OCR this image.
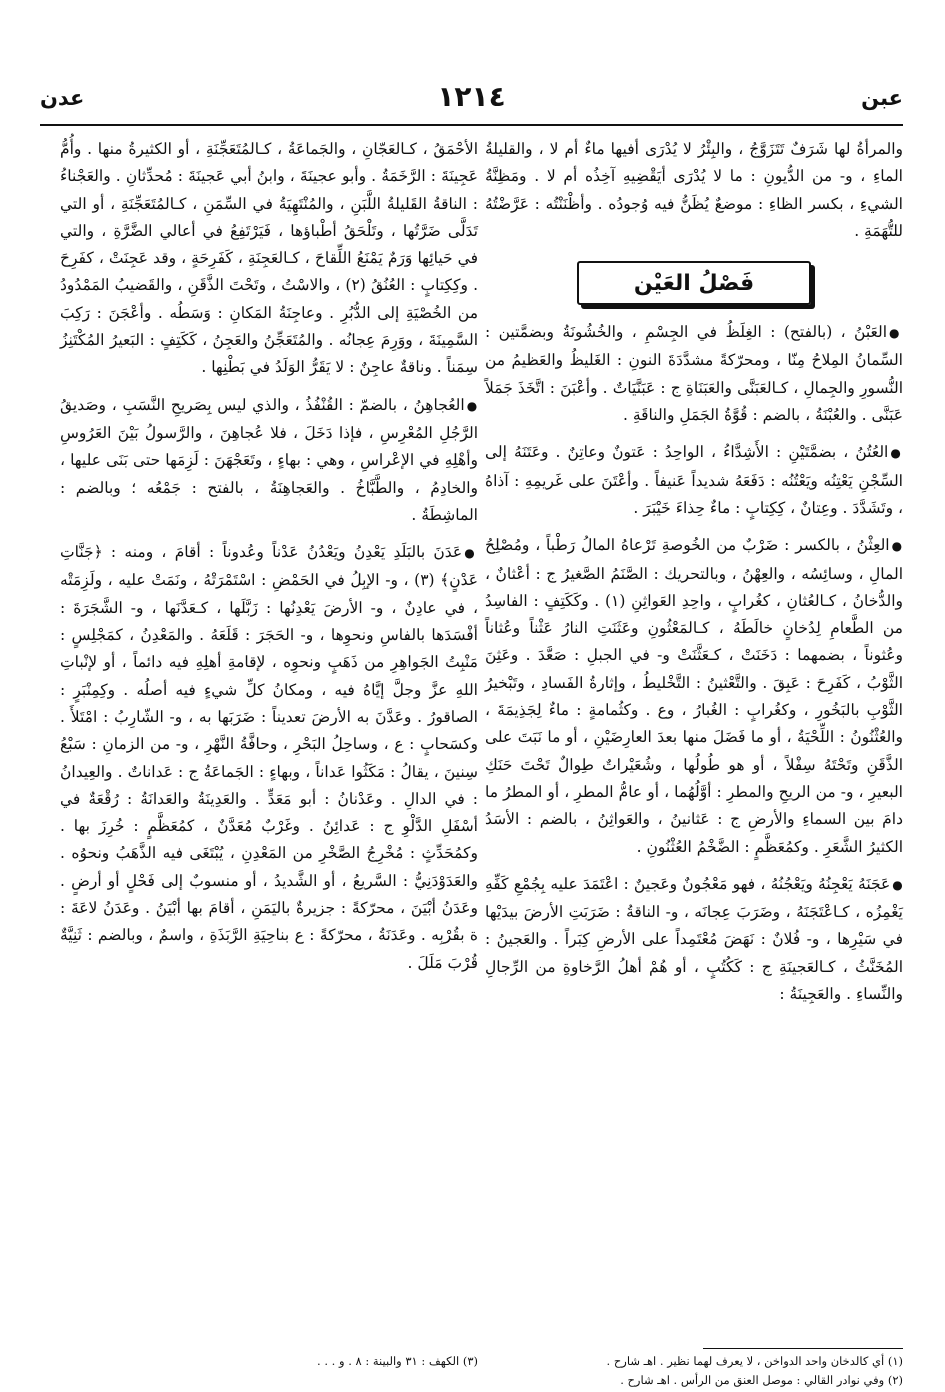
عبن
١٢١٤
عدن

والمرأةُ لها شَرَفٌ تَتَزَوَّجُ ، والبِئْرُ لا يُدْرَى أفيها ماءٌ أم لا ، والقليلةُ الماءِ ، و- من الدُّيونِ : ما لا يُدْرَى أيَقْضِيهِ آخِذُه أم لا . ومَظِنَّةُ الشيءِ ، بكسر الظاءِ : موضعٌ يُظَنُّ فيه وُجودُه . وأظْنَنْتُه : عَرَّضْتُهُ للتُّهَمَةِ .

فَصْلُ العَيْن

●العَبْنُ ، (بالفتح) : الغِلَظُ في الجِسْمِ ، والخُشُونَةُ وبضمَّتين : السِّمانُ المِلاحُ مِنّا ، ومحرّكةً مشدَّدَةَ النونِ : الغَليظُ والعَظيمُ من النُّسورِ والجِمالِ ، كـالعَبَنَّى والعَبَنَاةِ ج : عَبَنَّيَاتٌ . وأعْبَنَ : اتَّخَذَ جَمَلاً عَبَنَّى . والعُبْنَةُ ، بالضم : قُوَّةُ الجَمَلِ والناقَةِ .

●العُتُنُ ، بضمَّتَيْنِ : الأَشِدَّاءُ ، الواحِدُ : عَتونٌ وعاتِنٌ . وعَتَنَهُ إلى السِّجْنِ يَعْتِنُه ويَعْتُنُه : دَفَعَهُ شديداً عَنيفاً . وأعْتَنَ على غَريمِهِ : آذاهُ ، وتَشَدَّدَ . وعِتانٌ ، كِكِتابٍ : ماءٌ حِذاءَ خَيْبَرَ .

●العِثْنُ ، بالكسر : ضَرْبٌ من الخُوصةِ تَرْعاهُ المالُ رَطْباً ، ومُصْلِحُ المالِ ، وسائِسُه ، والعِهْنُ ، وبالتحريك : الصَّنَمُ الصَّغيرُ ج : أعْثانٌ ، والدُّخانُ ، كـالعُثانِ ، كغُرابٍ ، واحِدِ العَواثِنِ (١) . وكَكَتِفٍ : الفاسِدُ من الطَّعامِ لِدُخانٍ خالَطَهُ ، كـالمَعْثُونِ وعَثَنَتِ النارُ عَثْناً وعُثاناً وعُثوناً ، بضمهما : دَخَنَتْ ، كـعَثَّنَتْ و- في الجبلِ : صَعَّدَ . وعَثِنَ الثَّوْبُ ، كَفَرِحَ : عَبِقَ . والتَّعْثينُ : التَّخْليطُ ، وإثارةُ الفَسادِ ، وتَبْخيرُ الثَّوْبِ بالبَخُورِ ، وكغُرابٍ : الغُبارُ ، وع . وكثُمامةٍ : ماءٌ لِجَذِيمَةَ ، والعُثْنُونُ : اللِّحْيَةُ ، أو ما فَضَلَ منها بعدَ العارِضَيْنِ ، أو ما نَبَتَ على الذَّقَنِ وتَحْتَهُ سِفْلاً ، أو هو طُولُها ، وشُعَيْراتٌ طِوالٌ تَحْتَ حَنَكِ البعيرِ ، و- من الريحِ والمطرِ : أوَّلُهُما ، أو عامُّ المطرِ ، أو المطرُ ما دامَ بين السماءِ والأرضِ ج : عَثانينُ ، والعَواثِنُ ، بالضم : الأسَدُ الكثيرُ الشَّعَرِ . وكمُعَظَّمٍ : الضَّخْمُ العُثْنُونِ .

●عَجَنَهُ يَعْجِنُهُ ويَعْجُنُهُ ، فهو مَعْجُونٌ وعَجينٌ : اعْتَمَدَ عليه بِجُمْعِ كَفِّهِ يَغْمِزُه ، كـاعْتَجَنَهُ ، وضَرَبَ عِجانَه ، و- الناقةُ : ضَرَبَتِ الأرضَ بيدَيْها في سَيْرِها ، و- فُلانٌ : نَهَضَ مُعْتَمِداً على الأرضِ كِبَراً . والعَجينُ : المُخَنَّثُ ، كـالعَجينَةِ ج : كَكُتُبٍ ، أو هُمْ أهلُ الرَّخاوةِ من الرِّجالِ والنِّساءِ . والعَجِينَةُ :

الأحْمَقُ ، كـالعَجّانِ ، والجَماعَةُ ، كـالمُتَعَجِّنَةِ ، أو الكثيرةُ منها . وأُمُّ عَجِينَةَ : الرَّخَمَةُ . وأبو عجينَةَ ، وابنُ أبي عَجينَةَ : مُحدِّثانِ . والعَجْناءُ : الناقةُ القَليلةُ اللَّبَنِ ، والمُنْتَهِيَةُ في السِّمَنِ ، كـالمُتَعَجِّنَةِ ، أو التي تَدَلَّى ضَرَّتُها ، وتَلْحَقُ أطْباؤها ، فَيَرْتَفِعُ في أعالي الضَّرَّةِ ، والتي في حَيائِها وَرَمٌ يَمْنَعُ اللِّقاحَ ، كـالعَجِنَةِ ، كَفَرِحَةٍ ، وقد عَجِنَتْ ، كفَرِحَ . وكِكِتابٍ : العُنُقُ (٢) ، والاسْتُ ، وتَحْتَ الذَّقَنِ ، والقَضيبُ المَمْدُودُ من الخُصْيَةِ إلى الدُّبُرِ . وعاجِنَةُ المَكانِ : وَسَطُه . وأعْجَنَ : رَكِبَ السَّمِينَةَ ، ووَرِمَ عِجانُه . والمُتَعَجِّنُ والعَجِنُ ، كَكَتِفٍ : البَعيرُ المُكْتَنِزُ سِمَناً . وناقةٌ عاجِنٌ : لا يَقَرُّ الوَلَدُ في بَطْنِها .

●العُجاهِنُ ، بالضمّ : القُنْفُذُ ، والذي ليس بِصَريحِ النَّسَبِ ، وصَديقُ الرَّجُلِ المُعْرِسِ ، فإذا دَخَلَ ، فلا عُجاهِنَ ، والرَّسولُ بَيْنَ العَرُوسِ وأهْلِهِ في الإعْراسِ ، وهي : بهاءٍ ، وتَعَجْهَنَ : لَزِمَها حتى بَنَى عليها ، والخادِمُ ، والطَّبَّاخُ . والعَجاهِنَةُ ، بالفتح : جَمْعُه ؛ وبالضم : الماشِطَةُ .

●عَدَنَ بالبَلَدِ يَعْدِنُ ويَعْدُنُ عَدْناً وعُدوناً : أقامَ ، ومنه : ﴿جَنَّاتِ عَدْنٍ﴾ (٣) ، و- الإبِلُ في الحَمْضِ : اسْتَمْرَتْهُ ، ونَمَتْ عليه ، ولَزِمَتْه ، في عادِنٌ ، و- الأرضَ يَعْدِنُها : زَبَّلَها ، كـعَدَّنَها ، و- الشَّجَرَةَ : أفْسَدَها بالفاسِ ونحوِها ، و- الحَجَرَ : قَلَعَهُ . والمَعْدِنُ ، كمَجْلِسٍ : مَنْبِتُ الجَواهِرِ من ذَهَبٍ ونحوِه ، لإقامةِ أهلِهِ فيه دائماً ، أو لإنْباتِ اللهِ عزَّ وجلَّ إيَّاهُ فيه ، ومكانُ كلِّ شيءٍ فيه أصلُه . وكِمِنْبَرٍ : الصاقورُ . وعَدَّنَ به الأرضَ تعديناً : ضَرَبَها به ، و- الشّارِبُ : امْتَلأَ . وكسَحابٍ : ع ، وساحِلُ البَحْرِ ، وحافَّةُ النَّهْرِ ، و- من الزمانِ : سَبْعُ سِنينَ ، يقالُ : مَكَثُوا عَداناً ، وبهاءٍ : الجَماعَةُ ج : عَداناتٌ . والعِيدانُ : في الدالِ . وعَدْنانُ : أبو مَعَدٍّ . والعَدِينَةُ والعَدانَةُ : رُقْعَةٌ في أسْفَلِ الدَّلْوِ ج : عَدائِنُ . وغَرْبٌ مُعَدَّنٌ ، كمُعَظَّمٍ : خُرِزَ بها . وكمُحَدِّثٍ : مُخْرِجُ الصَّخْرِ من المَعْدِنِ ، يُبْتَغَى فيه الذَّهَبُ ونحوُه . والعَدَوْدَنِيُّ : السَّريعُ ، أو الشَّديدُ ، أو منسوبٌ إلى فَحْلٍ أو أرضٍ . وعَدَنُ أبْيَنَ ، محرّكةً : جزيرةٌ باليَمَنِ ، أقامَ بها أبْيَنُ . وعَدَنُ لاعَةَ : ة بقُرْبِه . وعَدَنَةُ ، محرّكةً : ع بناحِيَةِ الرَّبَذَةِ ، واسمٌ ، وبالضم : ثَنِيَّةٌ قُرْبَ مَلَلَ .

(١) أي كالدخان واحد الدواخن ، لا يعرف لهما نظير . اهـ شارح .
(٣) الكهف : ٣١ والبينة : ٨ . و . . .
(٢) وفي نوادر القالي : موصل العنق من الرأس . اهـ شارح .
